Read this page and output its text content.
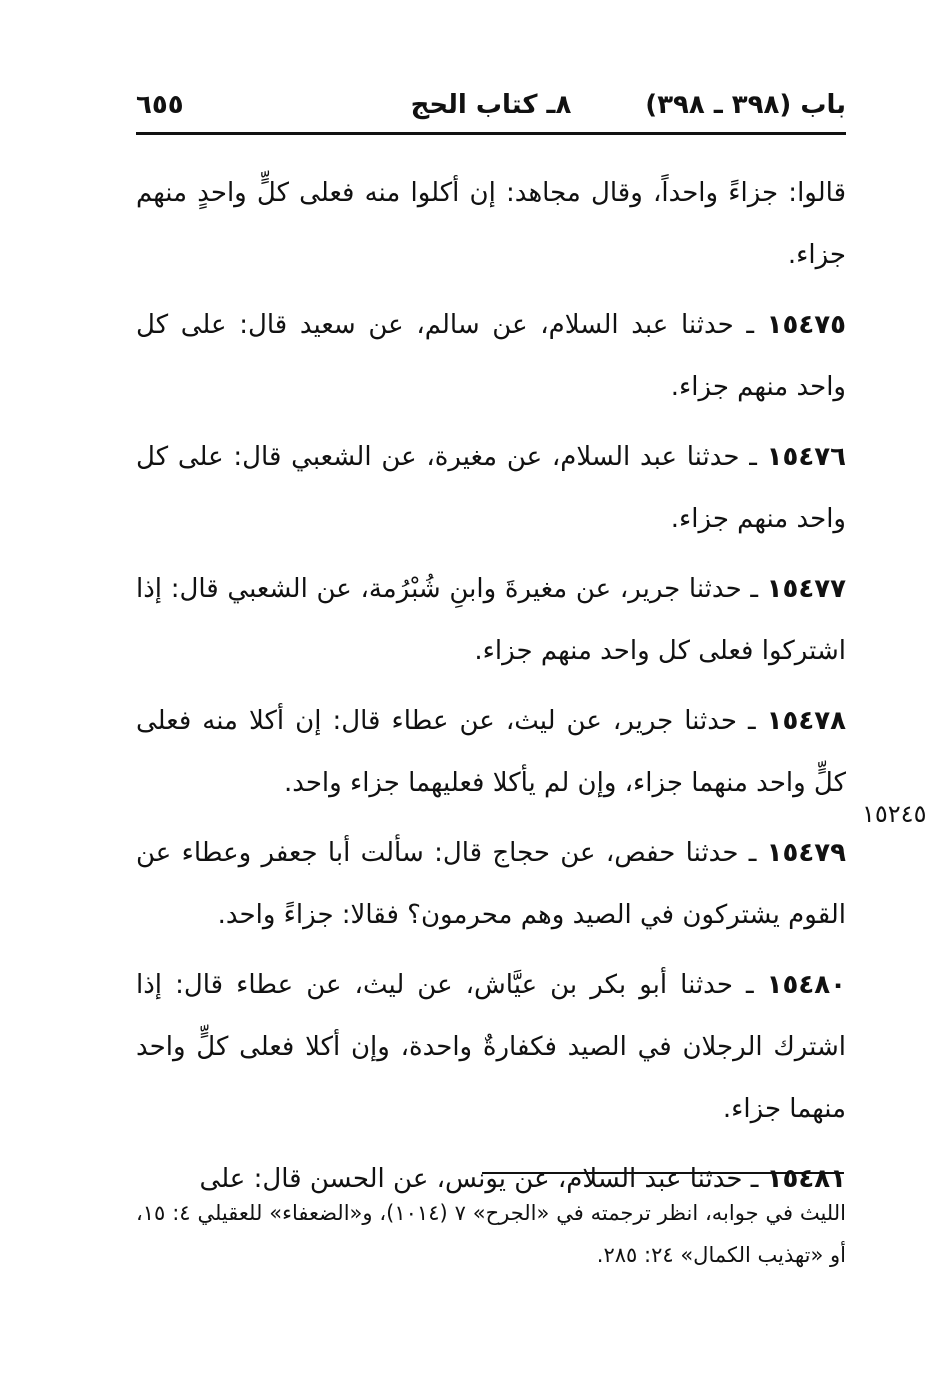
باب (٣٩٨ ـ ٣٩٨)
٨ـ كتاب الحج
٦٥٥

قالوا: جزاءً واحداً، وقال مجاهد: إن أكلوا منه فعلى كلٍّ واحدٍ منهم جزاء.

١٥٤٧٥ ـ حدثنا عبد السلام، عن سالم، عن سعيد قال: على كل واحد منهم جزاء.

١٥٤٧٦ ـ حدثنا عبد السلام، عن مغيرة، عن الشعبي قال: على كل واحد منهم جزاء.

١٥٤٧٧ ـ حدثنا جرير، عن مغيرةَ وابنِ شُبْرُمة، عن الشعبي قال: إذا اشتركوا فعلى كل واحد منهم جزاء.

١٥٤٧٨ ـ حدثنا جرير، عن ليث، عن عطاء قال: إن أكلا منه فعلى كلٍّ واحد منهما جزاء، وإن لم يأكلا فعليهما جزاء واحد.

١٥٤٧٩ ـ حدثنا حفص، عن حجاج قال: سألت أبا جعفر وعطاء عن القوم يشتركون في الصيد وهم محرمون؟ فقالا: جزاءً واحد.

١٥٤٨٠ ـ حدثنا أبو بكر بن عيَّاش، عن ليث، عن عطاء قال: إذا اشترك الرجلان في الصيد فكفارةٌ واحدة، وإن أكلا فعلى كلٍّ واحد منهما جزاء.

١٥٤٨١ ـ حدثنا عبد السلام، عن يونس، عن الحسن قال: على

١٥٢٤٥
الليث في جوابه، انظر ترجمته في «الجرح» ٧ (١٠١٤)، و«الضعفاء» للعقيلي ٤: ١٥، أو «تهذيب الكمال» ٢٤: ٢٨٥.
